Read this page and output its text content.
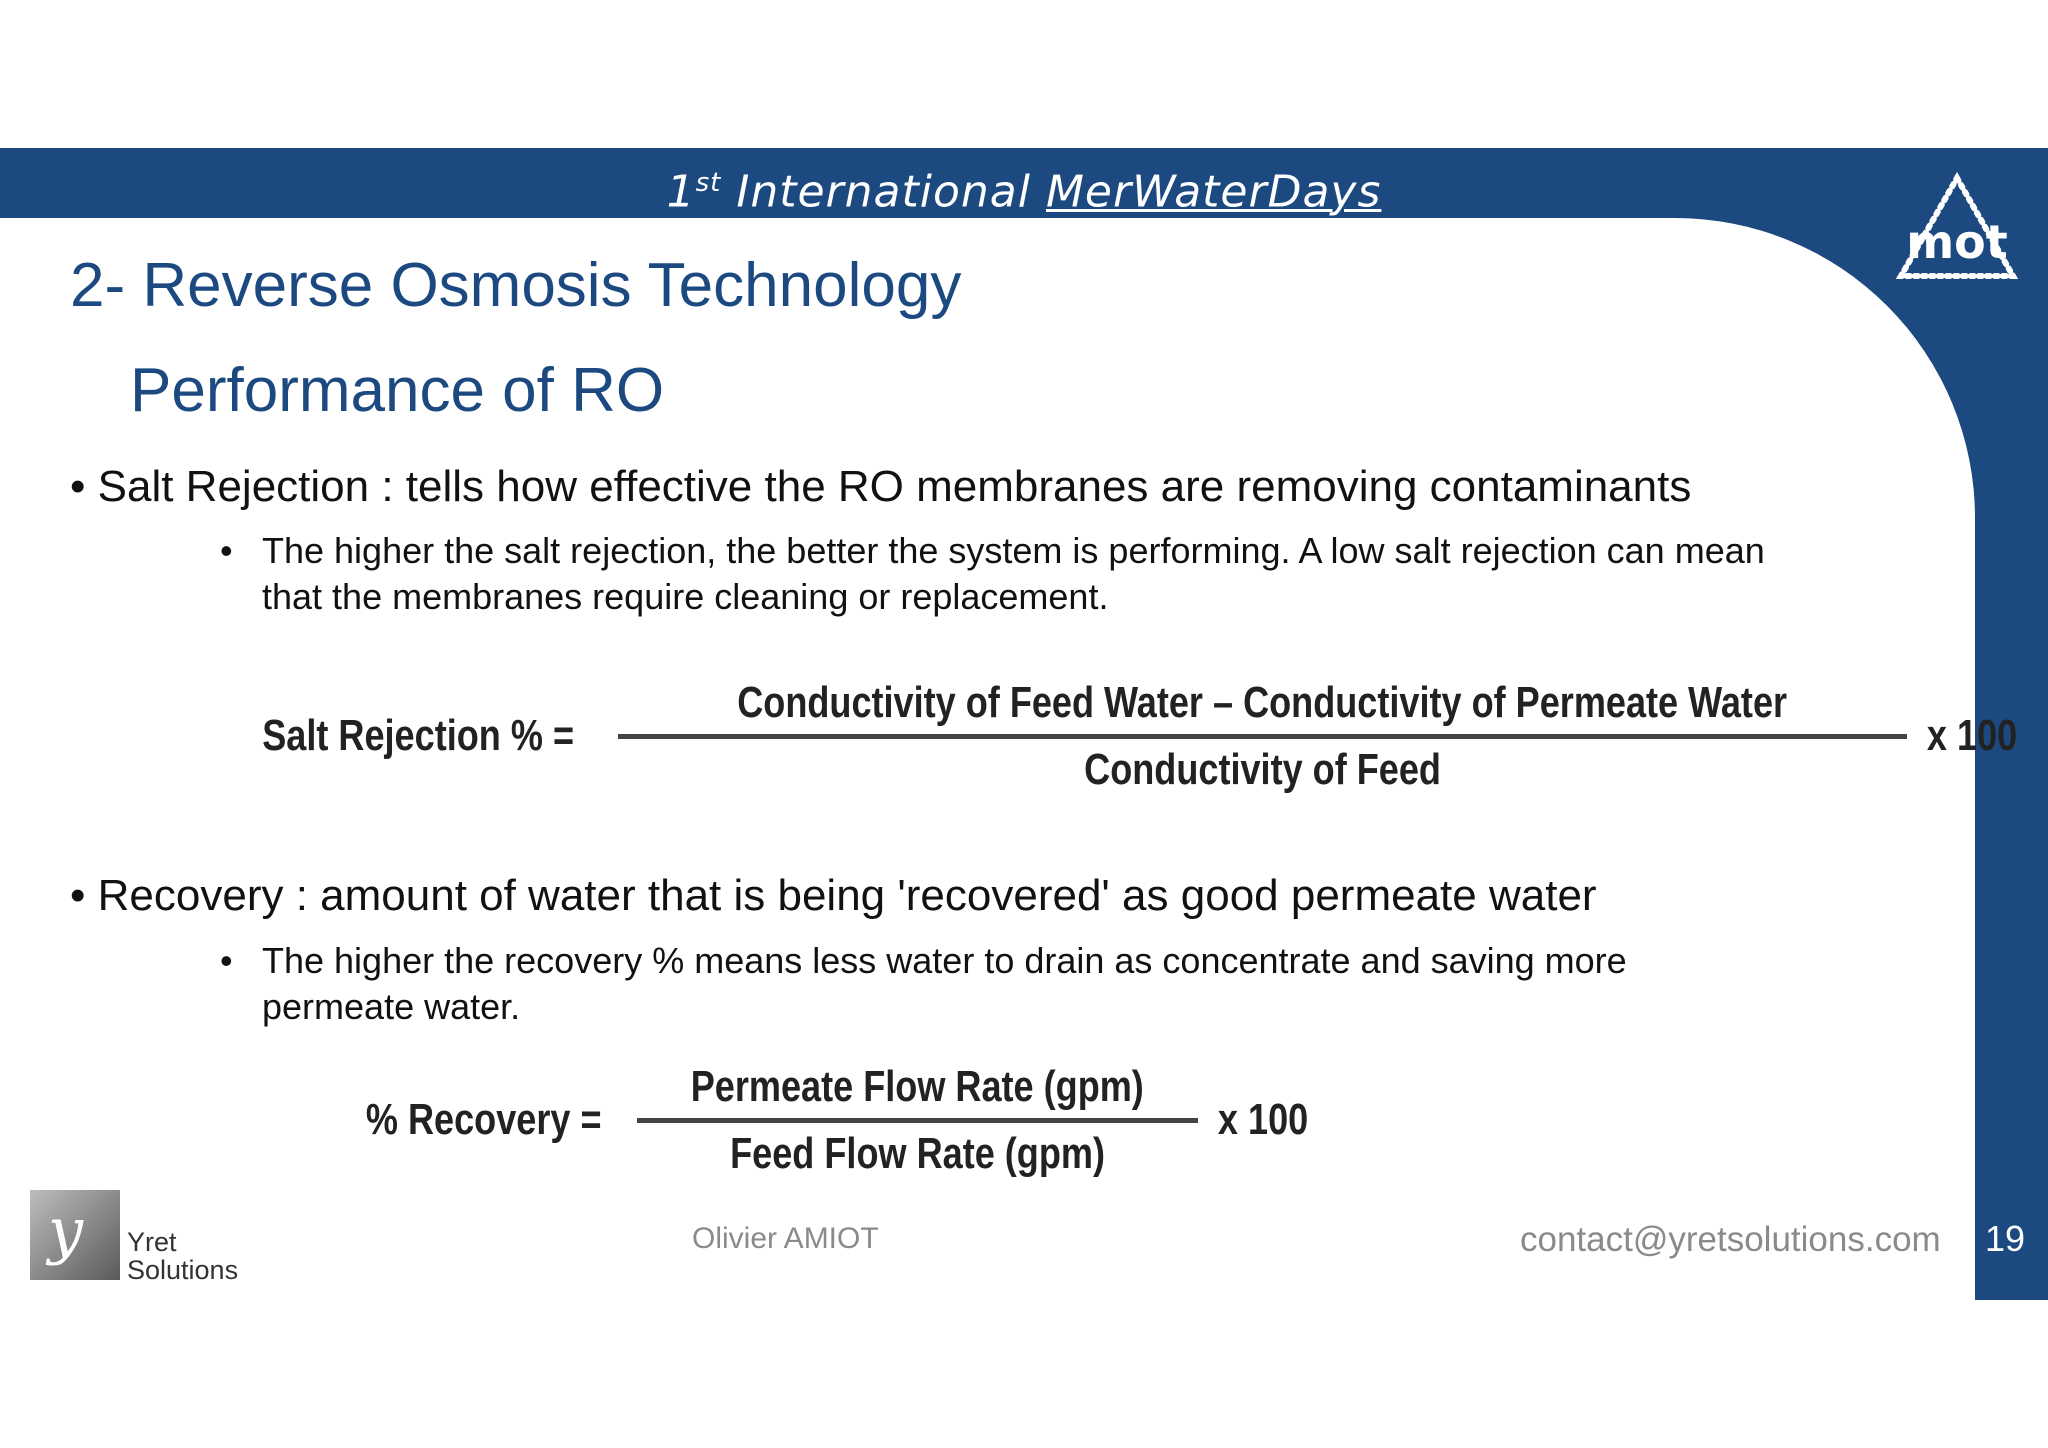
1st International MerWaterDays
mot
2- Reverse Osmosis Technology
Performance of RO
• Salt Rejection : tells how effective the RO membranes are removing contaminants
• The higher the salt rejection, the better the system is performing. A low salt rejection can mean that the membranes require cleaning or replacement.
Salt Rejection % = $\frac{\text{Conductivity of Feed Water – Conductivity of Permeate Water}}{\text{Conductivity of Feed}}$ x 100
• Recovery : amount of water that is being 'recovered' as good permeate water
• The higher the recovery % means less water to drain as concentrate and saving more permeate water.
% Recovery = $\frac{\text{Permeate Flow Rate (gpm)}}{\text{Feed Flow Rate (gpm)}}$ x 100
y Yret
Solutions
Olivier AMIOT	contact@yretsolutions.com 19
